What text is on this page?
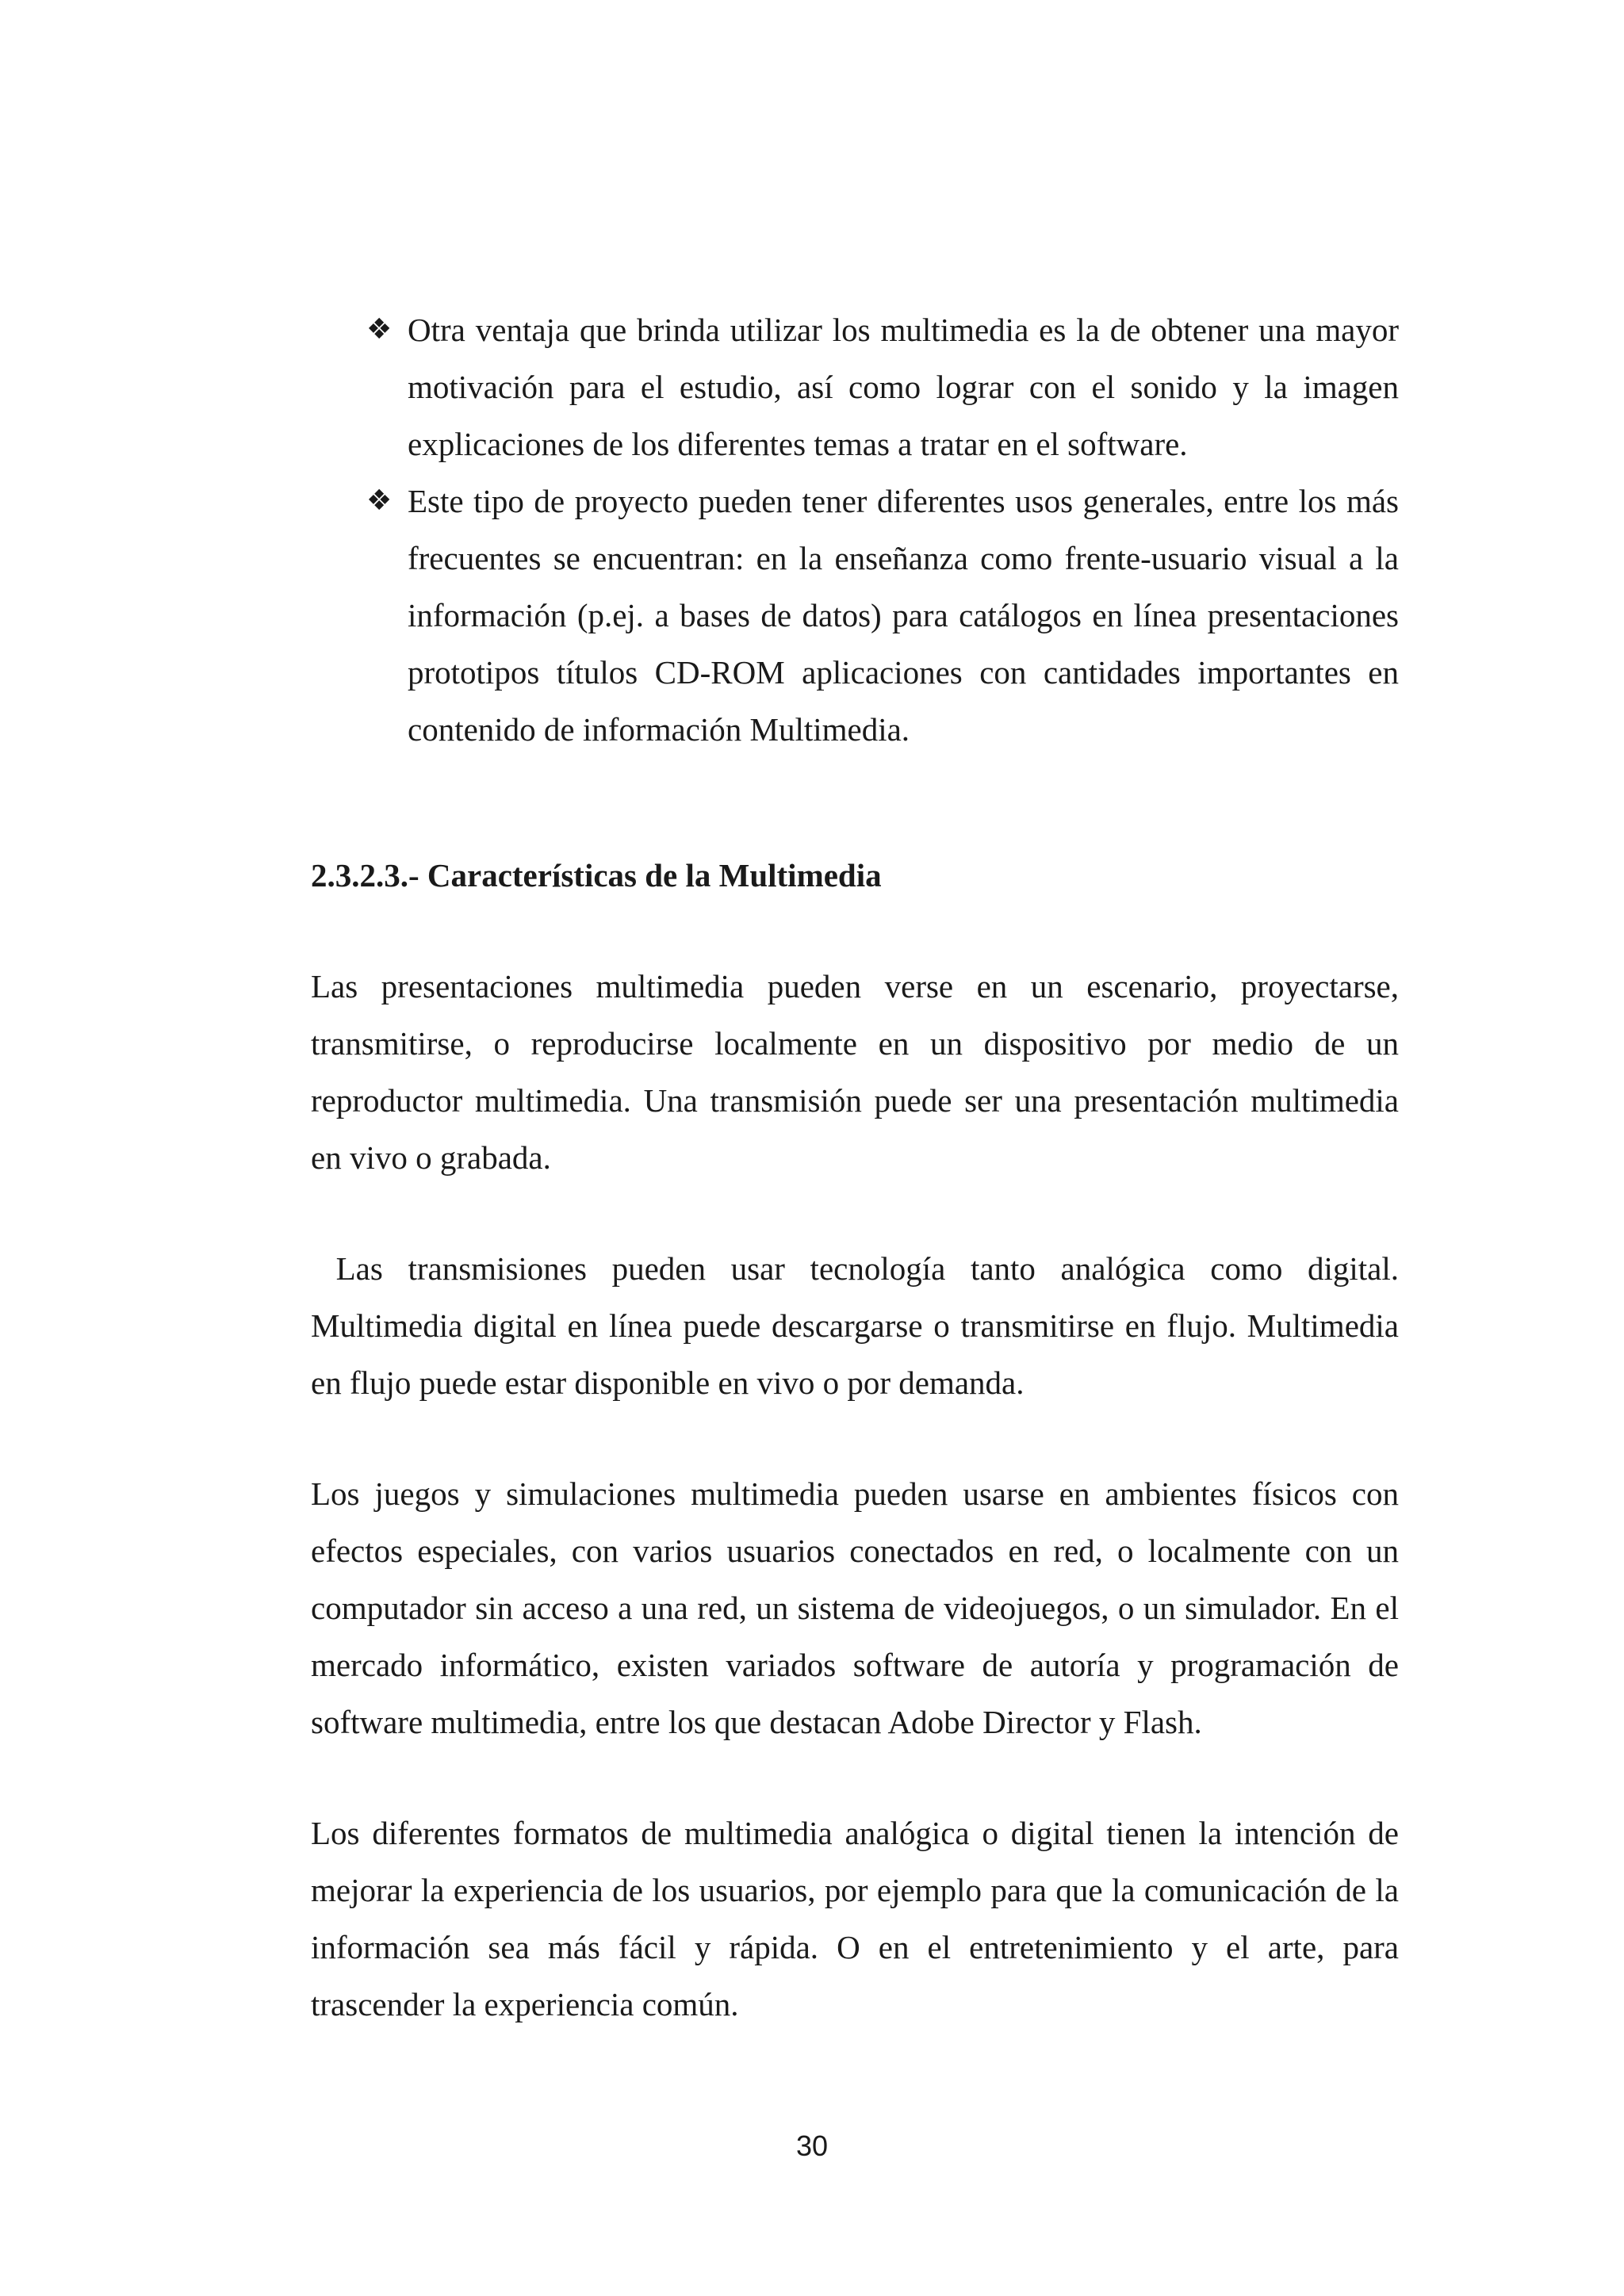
❖ Otra ventaja que brinda utilizar los multimedia es la de obtener una mayor motivación para el estudio, así como lograr con el sonido y la imagen explicaciones de los diferentes temas a tratar en el software.
❖ Este tipo de proyecto pueden tener diferentes usos generales, entre los más frecuentes se encuentran: en la enseñanza como frente-usuario visual a la información (p.ej. a bases de datos) para catálogos en línea presentaciones prototipos títulos CD-ROM aplicaciones con cantidades importantes en contenido de información Multimedia.
2.3.2.3.- Características de la Multimedia

Las presentaciones multimedia pueden verse en un escenario, proyectarse, transmitirse, o reproducirse localmente en un dispositivo por medio de un reproductor multimedia. Una transmisión puede ser una presentación multimedia en vivo o grabada.

Las transmisiones pueden usar tecnología tanto analógica como digital. Multimedia digital en línea puede descargarse o transmitirse en flujo. Multimedia en flujo puede estar disponible en vivo o por demanda.

Los juegos y simulaciones multimedia pueden usarse en ambientes físicos con efectos especiales, con varios usuarios conectados en red, o localmente con un computador sin acceso a una red, un sistema de videojuegos, o un simulador. En el mercado informático, existen variados software de autoría y programación de software multimedia, entre los que destacan Adobe Director y Flash.

Los diferentes formatos de multimedia analógica o digital tienen la intención de mejorar la experiencia de los usuarios, por ejemplo para que la comunicación de la información sea más fácil y rápida. O en el entretenimiento y el arte, para trascender la experiencia común.

30
